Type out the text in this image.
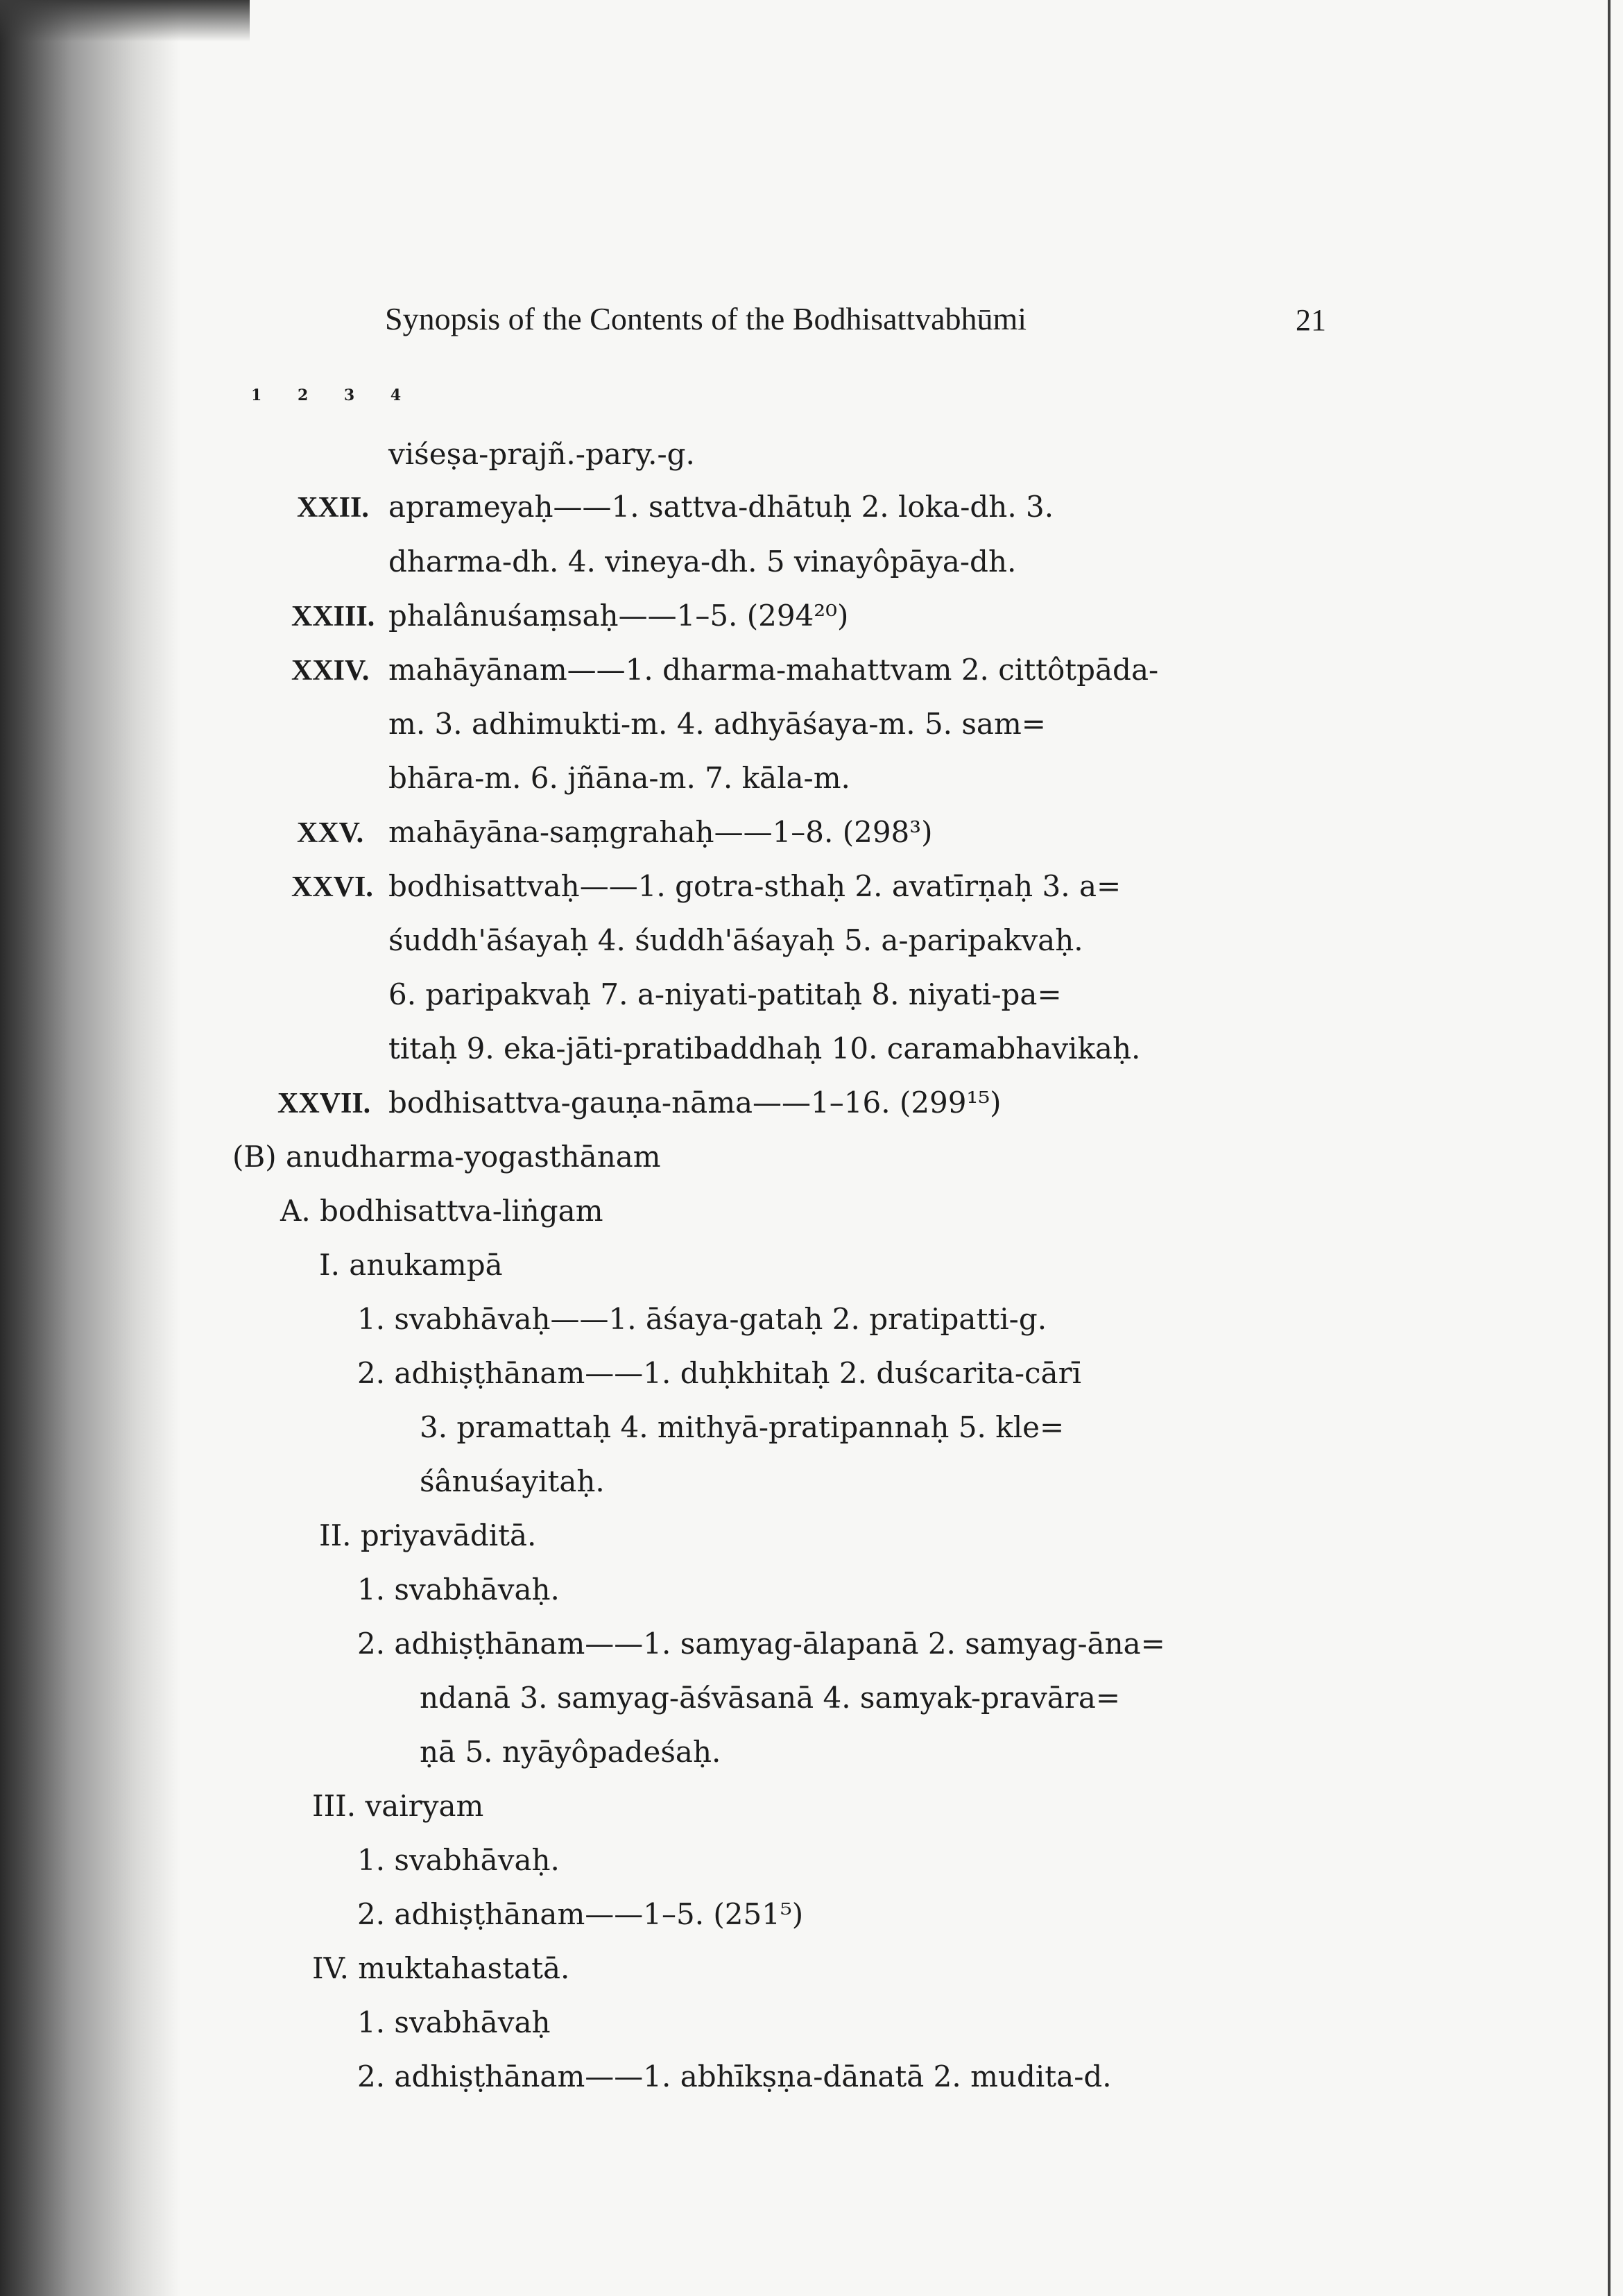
Synopsis of the Contents of the Bodhisattvabhūmi	21
1 2 3 4
viśeṣa-prajñ.-pary.-g.
XXII. aprameyaḥ——1. sattva-dhātuḥ 2. loka-dh. 3.
dharma-dh. 4. vineya-dh. 5 vinayôpāya-dh.
XXIII. phalânuśaṃsaḥ——1–5. (294²⁰)
XXIV. mahāyānam——1. dharma-mahattvam 2. cittôtpāda-
m. 3. adhimukti-m. 4. adhyāśaya-m. 5. sam=
bhāra-m. 6. jñāna-m. 7. kāla-m.
XXV. mahāyāna-saṃgrahaḥ——1–8. (298³)
XXVI. bodhisattvaḥ——1. gotra-sthaḥ 2. avatīrṇaḥ 3. a=
śuddh'āśayaḥ 4. śuddh'āśayaḥ 5. a-paripakvaḥ.
6. paripakvaḥ 7. a-niyati-patitaḥ 8. niyati-pa=
titaḥ 9. eka-jāti-pratibaddhaḥ 10. caramabhavikaḥ.
XXVII. bodhisattva-gauṇa-nāma——1–16. (299¹⁵)
(B) anudharma-yogasthānam
A. bodhisattva-liṅgam
I. anukampā
1. svabhāvaḥ——1. āśaya-gataḥ 2. pratipatti-g.
2. adhiṣṭhānam——1. duḥkhitaḥ 2. duścarita-cārī
3. pramattaḥ 4. mithyā-pratipannaḥ 5. kle=
śânuśayitaḥ.
II. priyavāditā.
1. svabhāvaḥ.
2. adhiṣṭhānam——1. samyag-ālapanā 2. samyag-āna=
ndanā 3. samyag-āśvāsanā 4. samyak-pravāra=
ṇā 5. nyāyôpadeśaḥ.
III. vairyam
1. svabhāvaḥ.
2. adhiṣṭhānam——1–5. (251⁵)
IV. muktahastatā.
1. svabhāvaḥ
2. adhiṣṭhānam——1. abhīkṣṇa-dānatā 2. mudita-d.
